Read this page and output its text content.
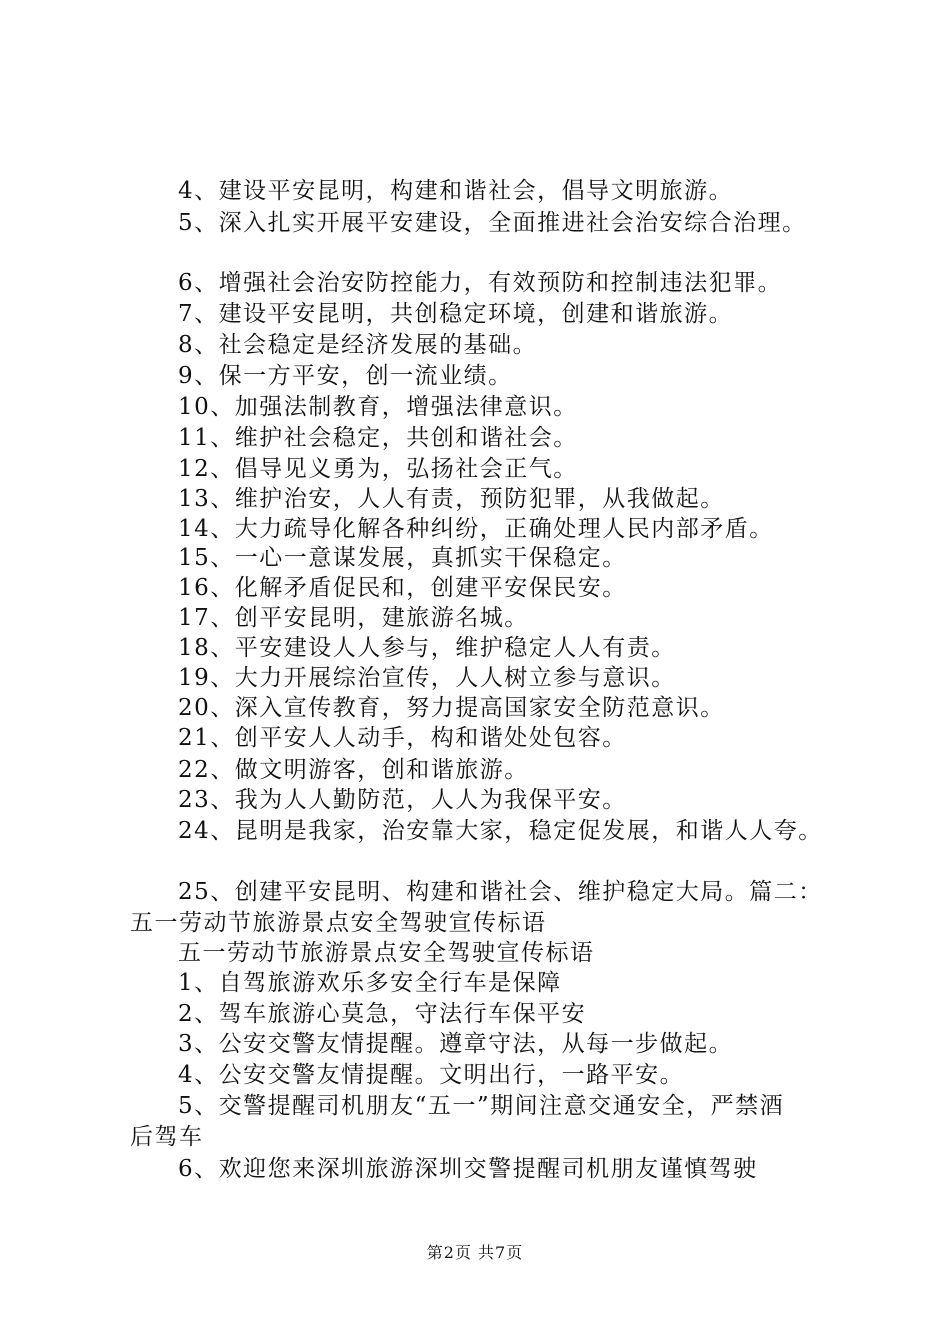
4、建设平安昆明，构建和谐社会，倡导文明旅游。
5、深入扎实开展平安建设，全面推进社会治安综合治理。
6、增强社会治安防控能力，有效预防和控制违法犯罪。
7、建设平安昆明，共创稳定环境，创建和谐旅游。
8、社会稳定是经济发展的基础。
9、保一方平安，创一流业绩。
10、加强法制教育，增强法律意识。
11、维护社会稳定，共创和谐社会。
12、倡导见义勇为，弘扬社会正气。
13、维护治安，人人有责，预防犯罪，从我做起。
14、大力疏导化解各种纠纷，正确处理人民内部矛盾。
15、一心一意谋发展，真抓实干保稳定。
16、化解矛盾促民和，创建平安保民安。
17、创平安昆明，建旅游名城。
18、平安建设人人参与，维护稳定人人有责。
19、大力开展综治宣传，人人树立参与意识。
20、深入宣传教育，努力提高国家安全防范意识。
21、创平安人人动手，构和谐处处包容。
22、做文明游客，创和谐旅游。
23、我为人人勤防范，人人为我保平安。
24、昆明是我家，治安靠大家，稳定促发展，和谐人人夸。
25、创建平安昆明、构建和谐社会、维护稳定大局。篇二：
五一劳动节旅游景点安全驾驶宣传标语
五一劳动节旅游景点安全驾驶宣传标语
1、自驾旅游欢乐多安全行车是保障
2、驾车旅游心莫急，守法行车保平安
3、公安交警友情提醒。遵章守法，从每一步做起。
4、公安交警友情提醒。文明出行，一路平安。
5、交警提醒司机朋友“五一”期间注意交通安全，严禁酒
后驾车
6、欢迎您来深圳旅游深圳交警提醒司机朋友谨慎驾驶
第2页 共7页
